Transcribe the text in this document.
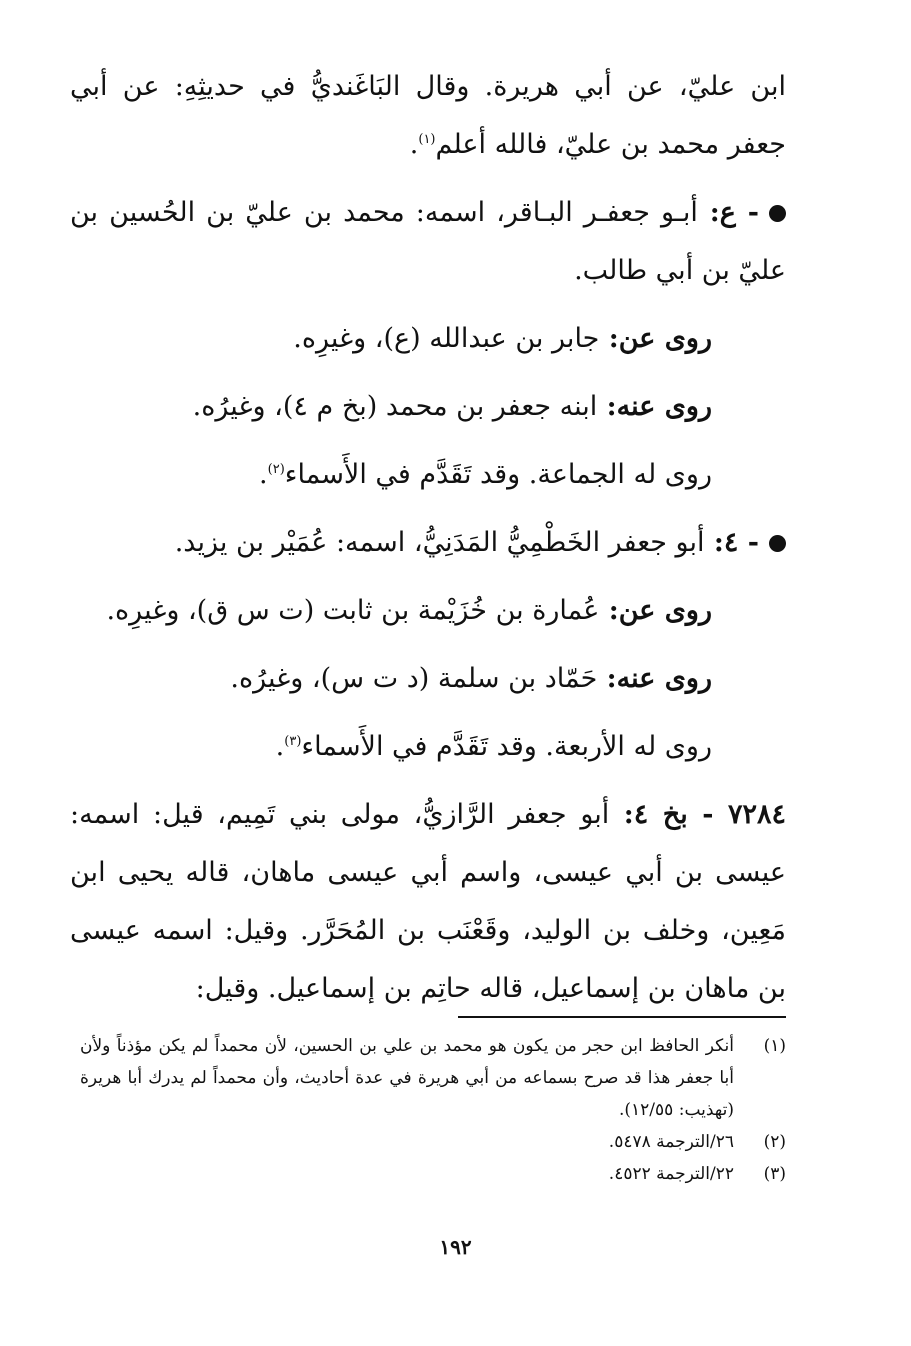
ابن عليّ، عن أبي هريرة. وقال البَاغَنديُّ في حديثِهِ: عن أبي جعفر محمد بن عليّ، فالله أعلم$^{(١)}$.

- ع: أبـو جعفـر البـاقر، اسمه: محمد بن عليّ بن الحُسين بن عليّ بن أبي طالب.

روى عن: جابر بن عبدالله (ع)، وغيرِه.

روى عنه: ابنه جعفر بن محمد (بخ م ٤)، وغيرُه.

روى له الجماعة. وقد تَقَدَّم في الأَسماء$^{(٢)}$.

- ٤: أبو جعفر الخَطْمِيُّ المَدَنِيُّ، اسمه: عُمَيْر بن يزيد.

روى عن: عُمارة بن خُزَيْمة بن ثابت (ت س ق)، وغيرِه.

روى عنه: حَمّاد بن سلمة (د ت س)، وغيرُه.

روى له الأربعة. وقد تَقَدَّم في الأَسماء$^{(٣)}$.

٧٢٨٤ - بخ ٤: أبو جعفر الرَّازيُّ، مولى بني تَمِيم، قيل: اسمه: عيسى بن أبي عيسى، واسم أبي عيسى ماهان، قاله يحيى ابن مَعِين، وخلف بن الوليد، وقَعْنَب بن المُحَرَّر. وقيل: اسمه عيسى بن ماهان بن إسماعيل، قاله حاتِم بن إسماعيل. وقيل:

(١)
أنكر الحافظ ابن حجر من يكون هو محمد بن علي بن الحسين، لأن محمداً لم يكن مؤذناً ولأن أبا جعفر هذا قد صرح بسماعه من أبي هريرة في عدة أحاديث، وأن محمداً لم يدرك أبا هريرة (تهذيب: ١٢/٥٥).
(٢)
٢٦/الترجمة ٥٤٧٨.
(٣)
٢٢/الترجمة ٤٥٢٢.
١٩٢
